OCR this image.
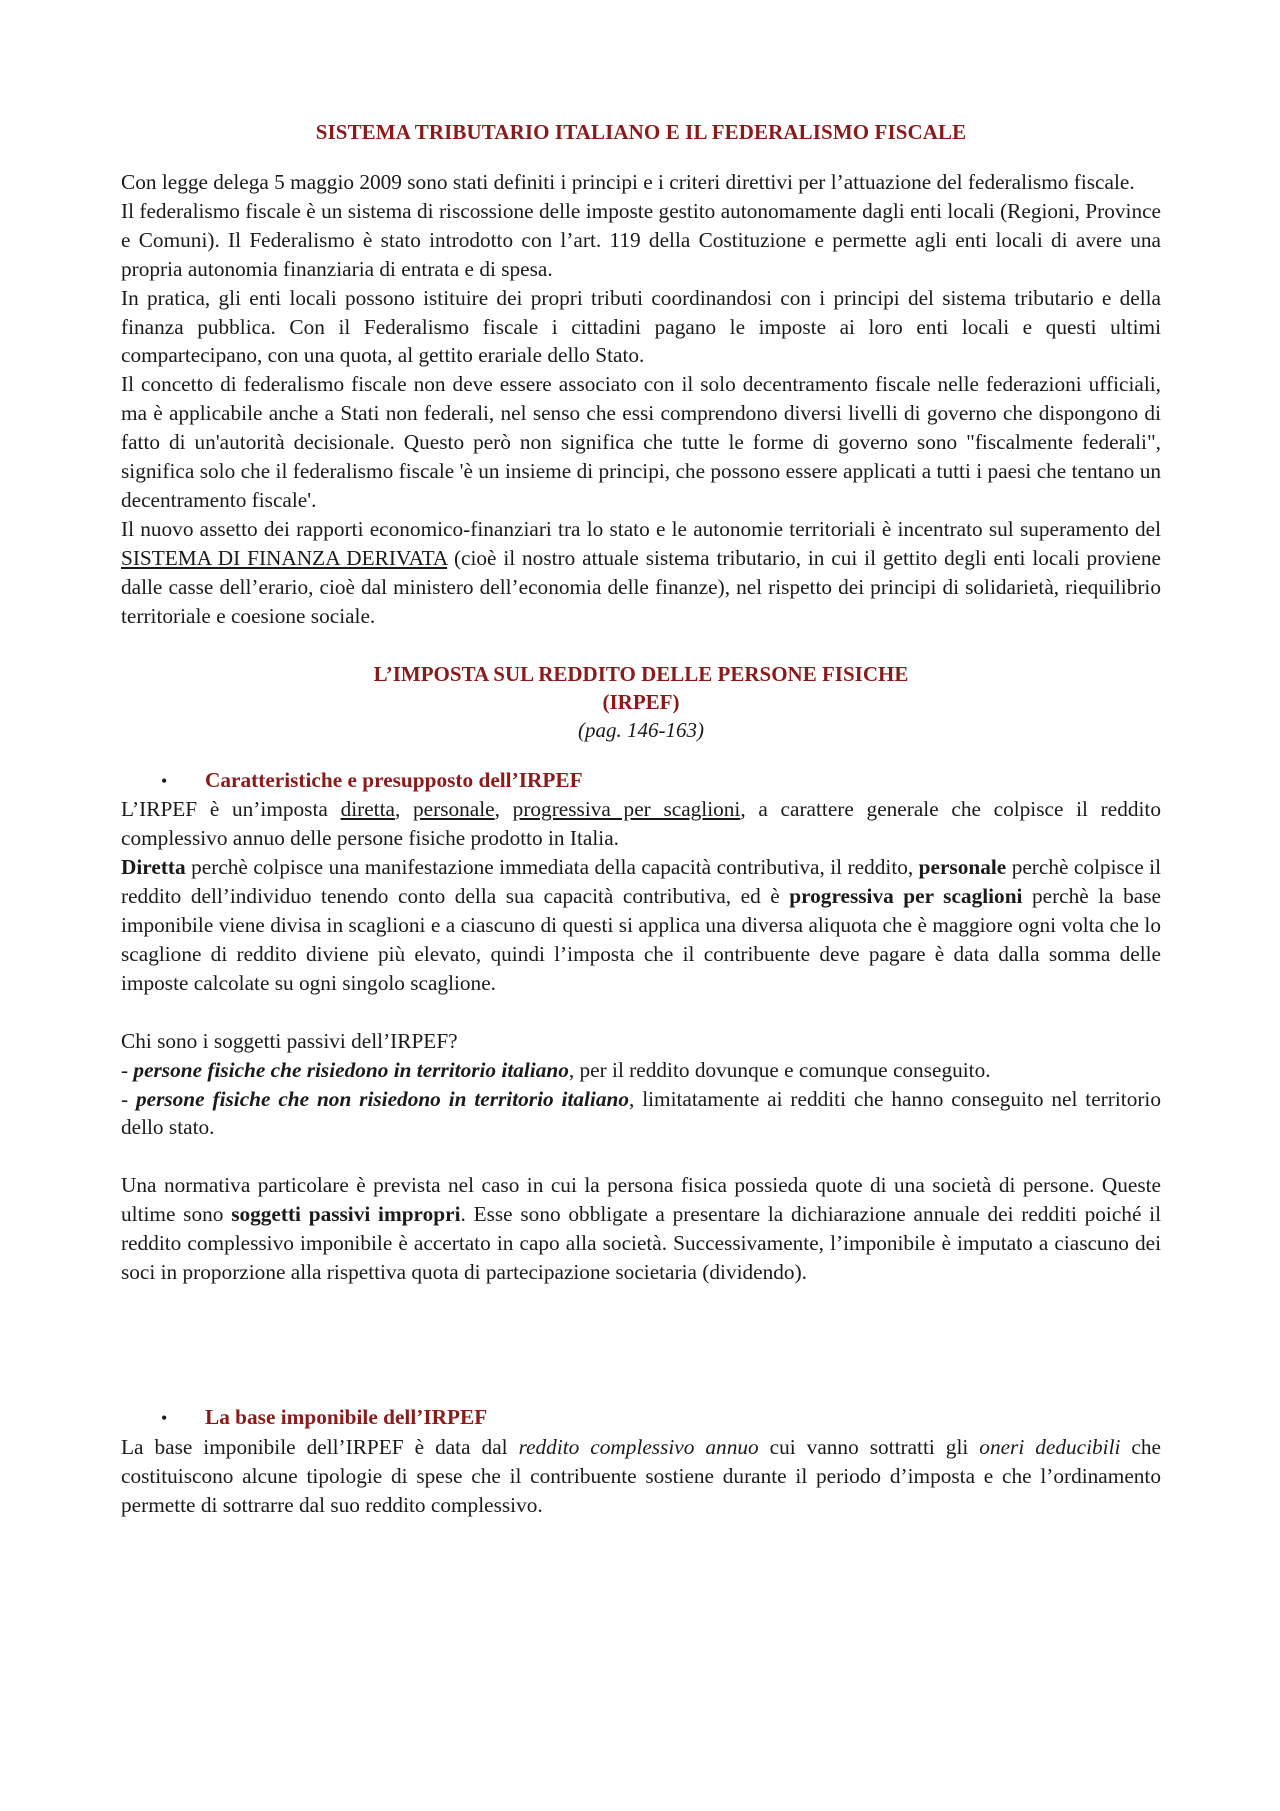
SISTEMA TRIBUTARIO ITALIANO E IL FEDERALISMO FISCALE

Con legge delega 5 maggio 2009 sono stati definiti i principi e i criteri direttivi per l’attuazione del federalismo fiscale.

Il federalismo fiscale è un sistema di riscossione delle imposte gestito autonomamente dagli enti locali (Regioni, Province e Comuni). Il Federalismo è stato introdotto con l’art. 119 della Costituzione e permette agli enti locali di avere una propria autonomia finanziaria di entrata e di spesa.

In pratica, gli enti locali possono istituire dei propri tributi coordinandosi con i principi del sistema tributario e della finanza pubblica. Con il Federalismo fiscale i cittadini pagano le imposte ai loro enti locali e questi ultimi compartecipano, con una quota, al gettito erariale dello Stato.

Il concetto di federalismo fiscale non deve essere associato con il solo decentramento fiscale nelle federazioni ufficiali, ma è applicabile anche a Stati non federali, nel senso che essi comprendono diversi livelli di governo che dispongono di fatto di un'autorità decisionale. Questo però non significa che tutte le forme di governo sono "fiscalmente federali", significa solo che il federalismo fiscale 'è un insieme di principi, che possono essere applicati a tutti i paesi che tentano un decentramento fiscale'.

Il nuovo assetto dei rapporti economico-finanziari tra lo stato e le autonomie territoriali è incentrato sul superamento del SISTEMA DI FINANZA DERIVATA (cioè il nostro attuale sistema tributario, in cui il gettito degli enti locali proviene dalle casse dell’erario, cioè dal ministero dell’economia delle finanze), nel rispetto dei principi di solidarietà, riequilibrio territoriale e coesione sociale.

L’IMPOSTA SUL REDDITO DELLE PERSONE FISICHE
(IRPEF)
(pag. 146-163)
•	Caratteristiche e presupposto dell’IRPEF

L’IRPEF è un’imposta diretta, personale, progressiva per scaglioni, a carattere generale che colpisce il reddito complessivo annuo delle persone fisiche prodotto in Italia.

Diretta perchè colpisce una manifestazione immediata della capacità contributiva, il reddito, personale perchè colpisce il reddito dell’individuo tenendo conto della sua capacità contributiva, ed è progressiva per scaglioni perchè la base imponibile viene divisa in scaglioni e a ciascuno di questi si applica una diversa aliquota che è maggiore ogni volta che lo scaglione di reddito diviene più elevato, quindi l’imposta che il contribuente deve pagare è data dalla somma delle imposte calcolate su ogni singolo scaglione.

Chi sono i soggetti passivi dell’IRPEF?

- persone fisiche che risiedono in territorio italiano, per il reddito dovunque e comunque conseguito.

- persone fisiche che non risiedono in territorio italiano, limitatamente ai redditi che hanno conseguito nel territorio dello stato.

Una normativa particolare è prevista nel caso in cui la persona fisica possieda quote di una società di persone. Queste ultime sono soggetti passivi impropri. Esse sono obbligate a presentare la dichiarazione annuale dei redditi poiché il reddito complessivo imponibile è accertato in capo alla società. Successivamente, l’imponibile è imputato a ciascuno dei soci in proporzione alla rispettiva quota di partecipazione societaria (dividendo).

•	La base imponibile dell’IRPEF

La base imponibile dell’IRPEF è data dal reddito complessivo annuo cui vanno sottratti gli oneri deducibili che costituiscono alcune tipologie di spese che il contribuente sostiene durante il periodo d’imposta e che l’ordinamento permette di sottrarre dal suo reddito complessivo.
